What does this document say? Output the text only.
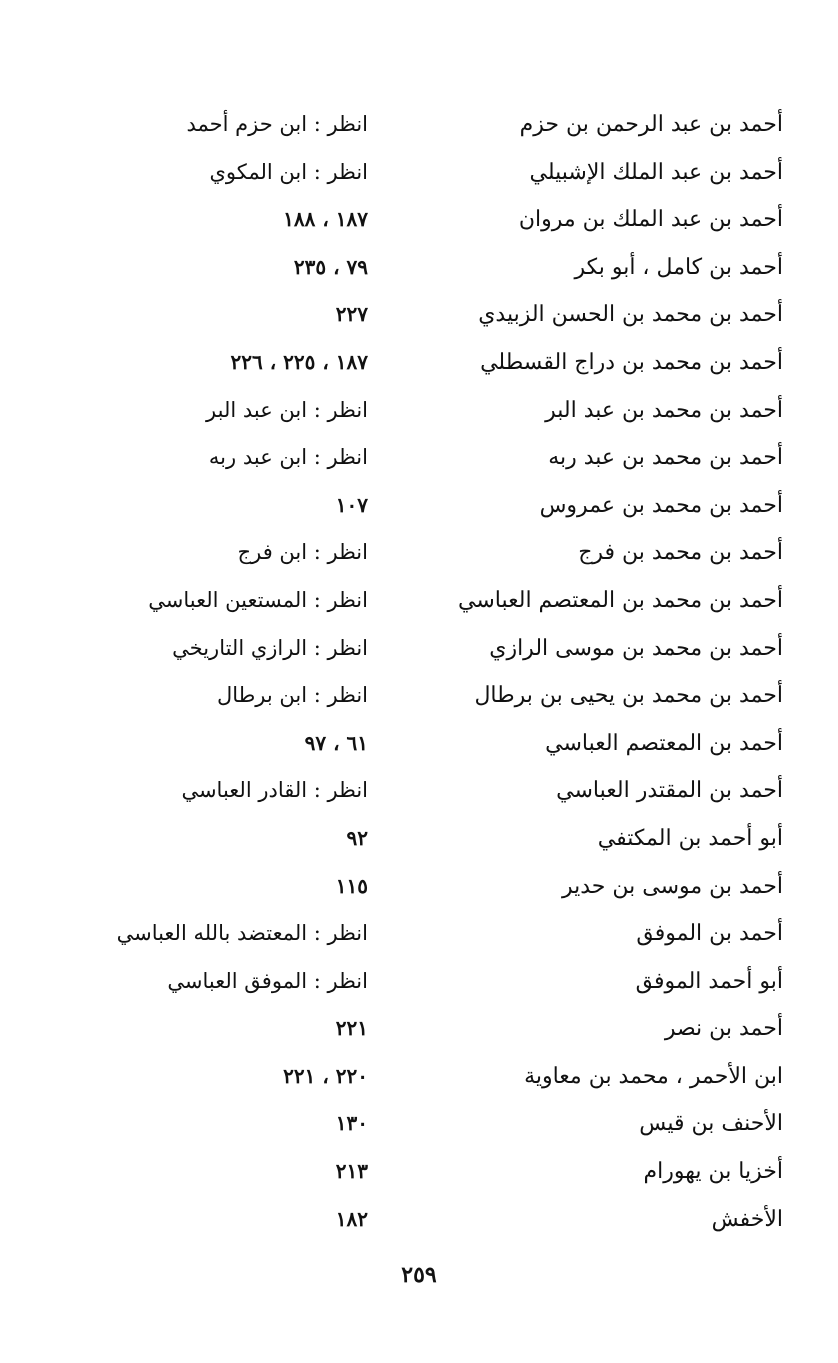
أحمد بن عبد الرحمن بن حزم
انظر : ابن حزم أحمد
أحمد بن عبد الملك الإشبيلي
انظر : ابن المكوي
أحمد بن عبد الملك بن مروان
١٨٧ ، ١٨٨
أحمد بن كامل ، أبو بكر
٧٩ ، ٢٣٥
أحمد بن محمد بن الحسن الزبيدي
٢٢٧
أحمد بن محمد بن دراج القسطلي
١٨٧ ، ٢٢٥ ، ٢٢٦
أحمد بن محمد بن عبد البر
انظر : ابن عبد البر
أحمد بن محمد بن عبد ربه
انظر : ابن عبد ربه
أحمد بن محمد بن عمروس
١٠٧
أحمد بن محمد بن فرج
انظر : ابن فرج
أحمد بن محمد بن المعتصم العباسي
انظر : المستعين العباسي
أحمد بن محمد بن موسى الرازي
انظر : الرازي التاريخي
أحمد بن محمد بن يحيى بن برطال
انظر : ابن برطال
أحمد بن المعتصم العباسي
٦١ ، ٩٧
أحمد بن المقتدر العباسي
انظر : القادر العباسي
أبو أحمد بن المكتفي
٩٢
أحمد بن موسى بن حدير
١١٥
أحمد بن الموفق
انظر : المعتضد بالله العباسي
أبو أحمد الموفق
انظر : الموفق العباسي
أحمد بن نصر
٢٢١
ابن الأحمر ، محمد بن معاوية
٢٢٠ ، ٢٢١
الأحنف بن قيس
١٣٠
أخزيا بن يهورام
٢١٣
الأخفش
١٨٢
٢٥٩
